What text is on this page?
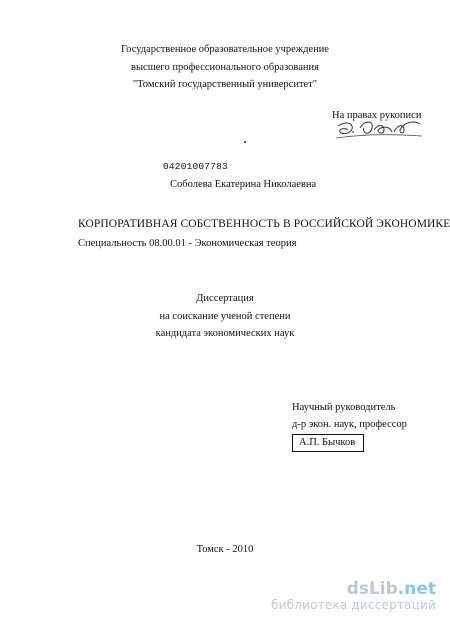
Государственное образовательное учреждение
высшего профессионального образования
"Томский государственный университет"
На правах рукописи
04201007783
Соболева Екатерина Николаевна
КОРПОРАТИВНАЯ СОБСТВЕННОСТЬ В РОССИЙСКОЙ ЭКОНОМИКЕ
Специальность 08.00.01 - Экономическая теория
Диссертация
на соискание ученой степени
кандидата экономических наук
Научный руководитель
д-р экон. наук, профессор
А.П. Бычков
Томск - 2010
dsLib.net
библиотека диссертаций
